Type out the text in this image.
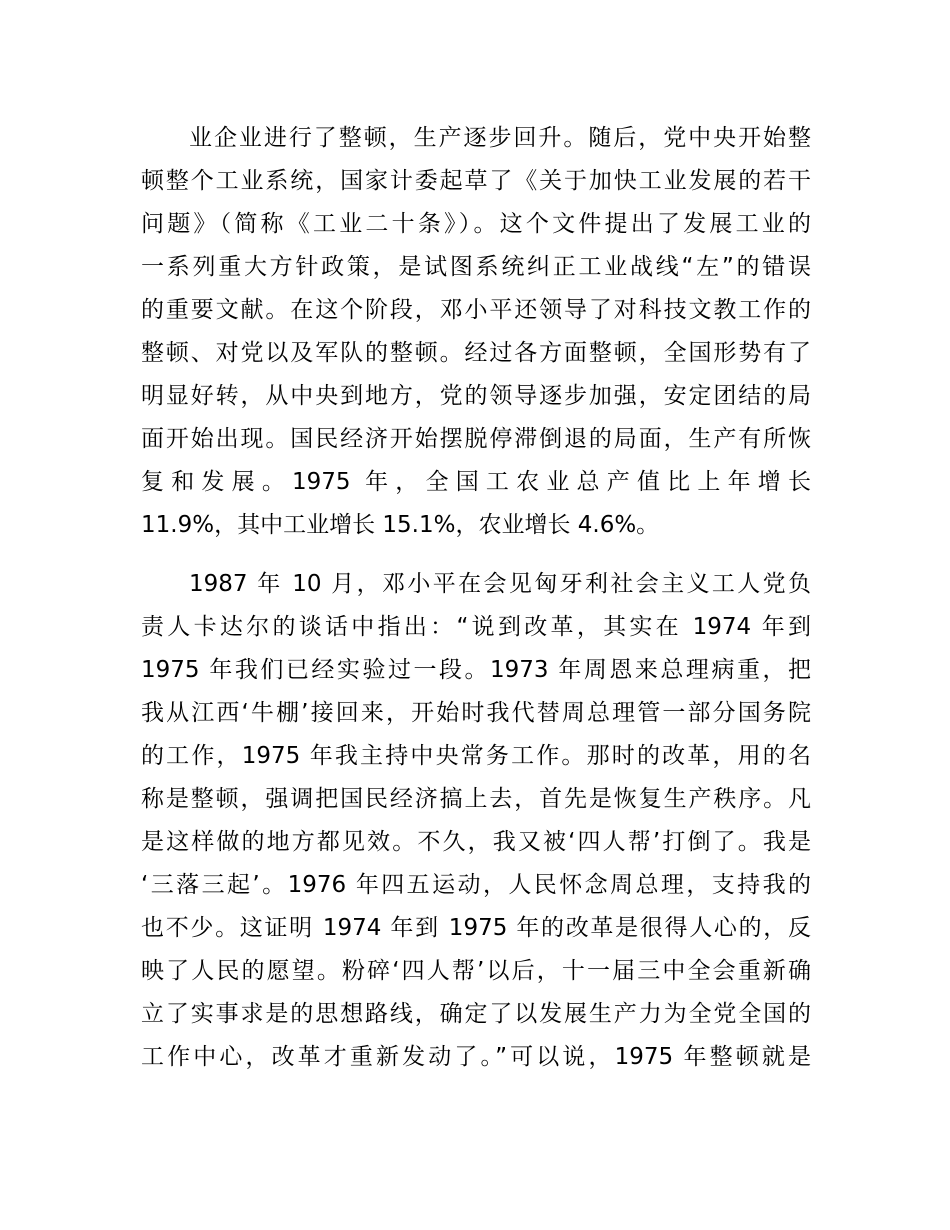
业企业进行了整顿，生产逐步回升。随后，党中央开始整
顿整个工业系统，国家计委起草了《关于加快工业发展的若干
问题》（简称《工业二十条》）。这个文件提出了发展工业的
一系列重大方针政策，是试图系统纠正工业战线“左”的错误
的重要文献。在这个阶段，邓小平还领导了对科技文教工作的
整顿、对党以及军队的整顿。经过各方面整顿，全国形势有了
明显好转，从中央到地方，党的领导逐步加强，安定团结的局
面开始出现。国民经济开始摆脱停滞倒退的局面，生产有所恢
复和发展。1975 年，全国工农业总产值比上年增长
11.9%，其中工业增长 15.1%，农业增长 4.6%。
1987 年 10 月，邓小平在会见匈牙利社会主义工人党负
责人卡达尔的谈话中指出：“说到改革，其实在 1974 年到
1975 年我们已经实验过一段。1973 年周恩来总理病重，把
我从江西‘牛棚’接回来，开始时我代替周总理管一部分国务院
的工作，1975 年我主持中央常务工作。那时的改革，用的名
称是整顿，强调把国民经济搞上去，首先是恢复生产秩序。凡
是这样做的地方都见效。不久，我又被‘四人帮’打倒了。我是
‘三落三起’。1976 年四五运动，人民怀念周总理，支持我的
也不少。这证明 1974 年到 1975 年的改革是很得人心的，反
映了人民的愿望。粉碎‘四人帮’以后，十一届三中全会重新确
立了实事求是的思想路线，确定了以发展生产力为全党全国的
工作中心，改革才重新发动了。”可以说，1975 年整顿就是
